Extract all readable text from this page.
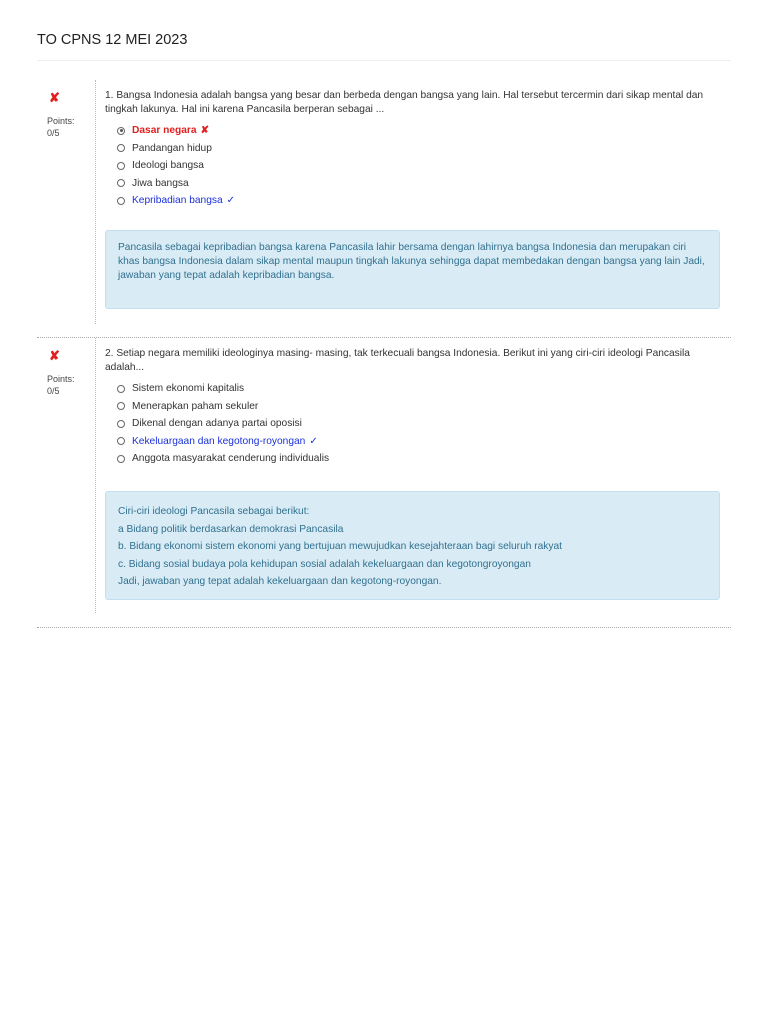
TO CPNS 12 MEI 2023
✘
Points:
0/5

1. Bangsa Indonesia adalah bangsa yang besar dan berbeda dengan bangsa yang lain. Hal tersebut tercermin dari sikap mental dan tingkah lakunya. Hal ini karena Pancasila berperan sebagai ...

Dasar negara ✘
Pandangan hidup
Ideologi bangsa
Jiwa bangsa
Kepribadian bangsa ✓

Pancasila sebagai kepribadian bangsa karena Pancasila lahir bersama dengan lahirnya bangsa Indonesia dan merupakan ciri khas bangsa Indonesia dalam sikap mental maupun tingkah lakunya sehingga dapat membedakan dengan bangsa yang lain Jadi, jawaban yang tepat adalah kepribadian bangsa.

✘
Points:
0/5

2. Setiap negara memiliki ideologinya masing- masing, tak terkecuali bangsa Indonesia. Berikut ini yang ciri-ciri ideologi Pancasila adalah...

Sistem ekonomi kapitalis
Menerapkan paham sekuler
Dikenal dengan adanya partai oposisi
Kekeluargaan dan kegotong-royongan ✓
Anggota masyarakat cenderung individualis

Ciri-ciri ideologi Pancasila sebagai berikut:

a Bidang politik berdasarkan demokrasi Pancasila

b. Bidang ekonomi sistem ekonomi yang bertujuan mewujudkan kesejahteraan bagi seluruh rakyat

c. Bidang sosial budaya pola kehidupan sosial adalah kekeluargaan dan kegotongroyongan

Jadi, jawaban yang tepat adalah kekeluargaan dan kegotong-royongan.
